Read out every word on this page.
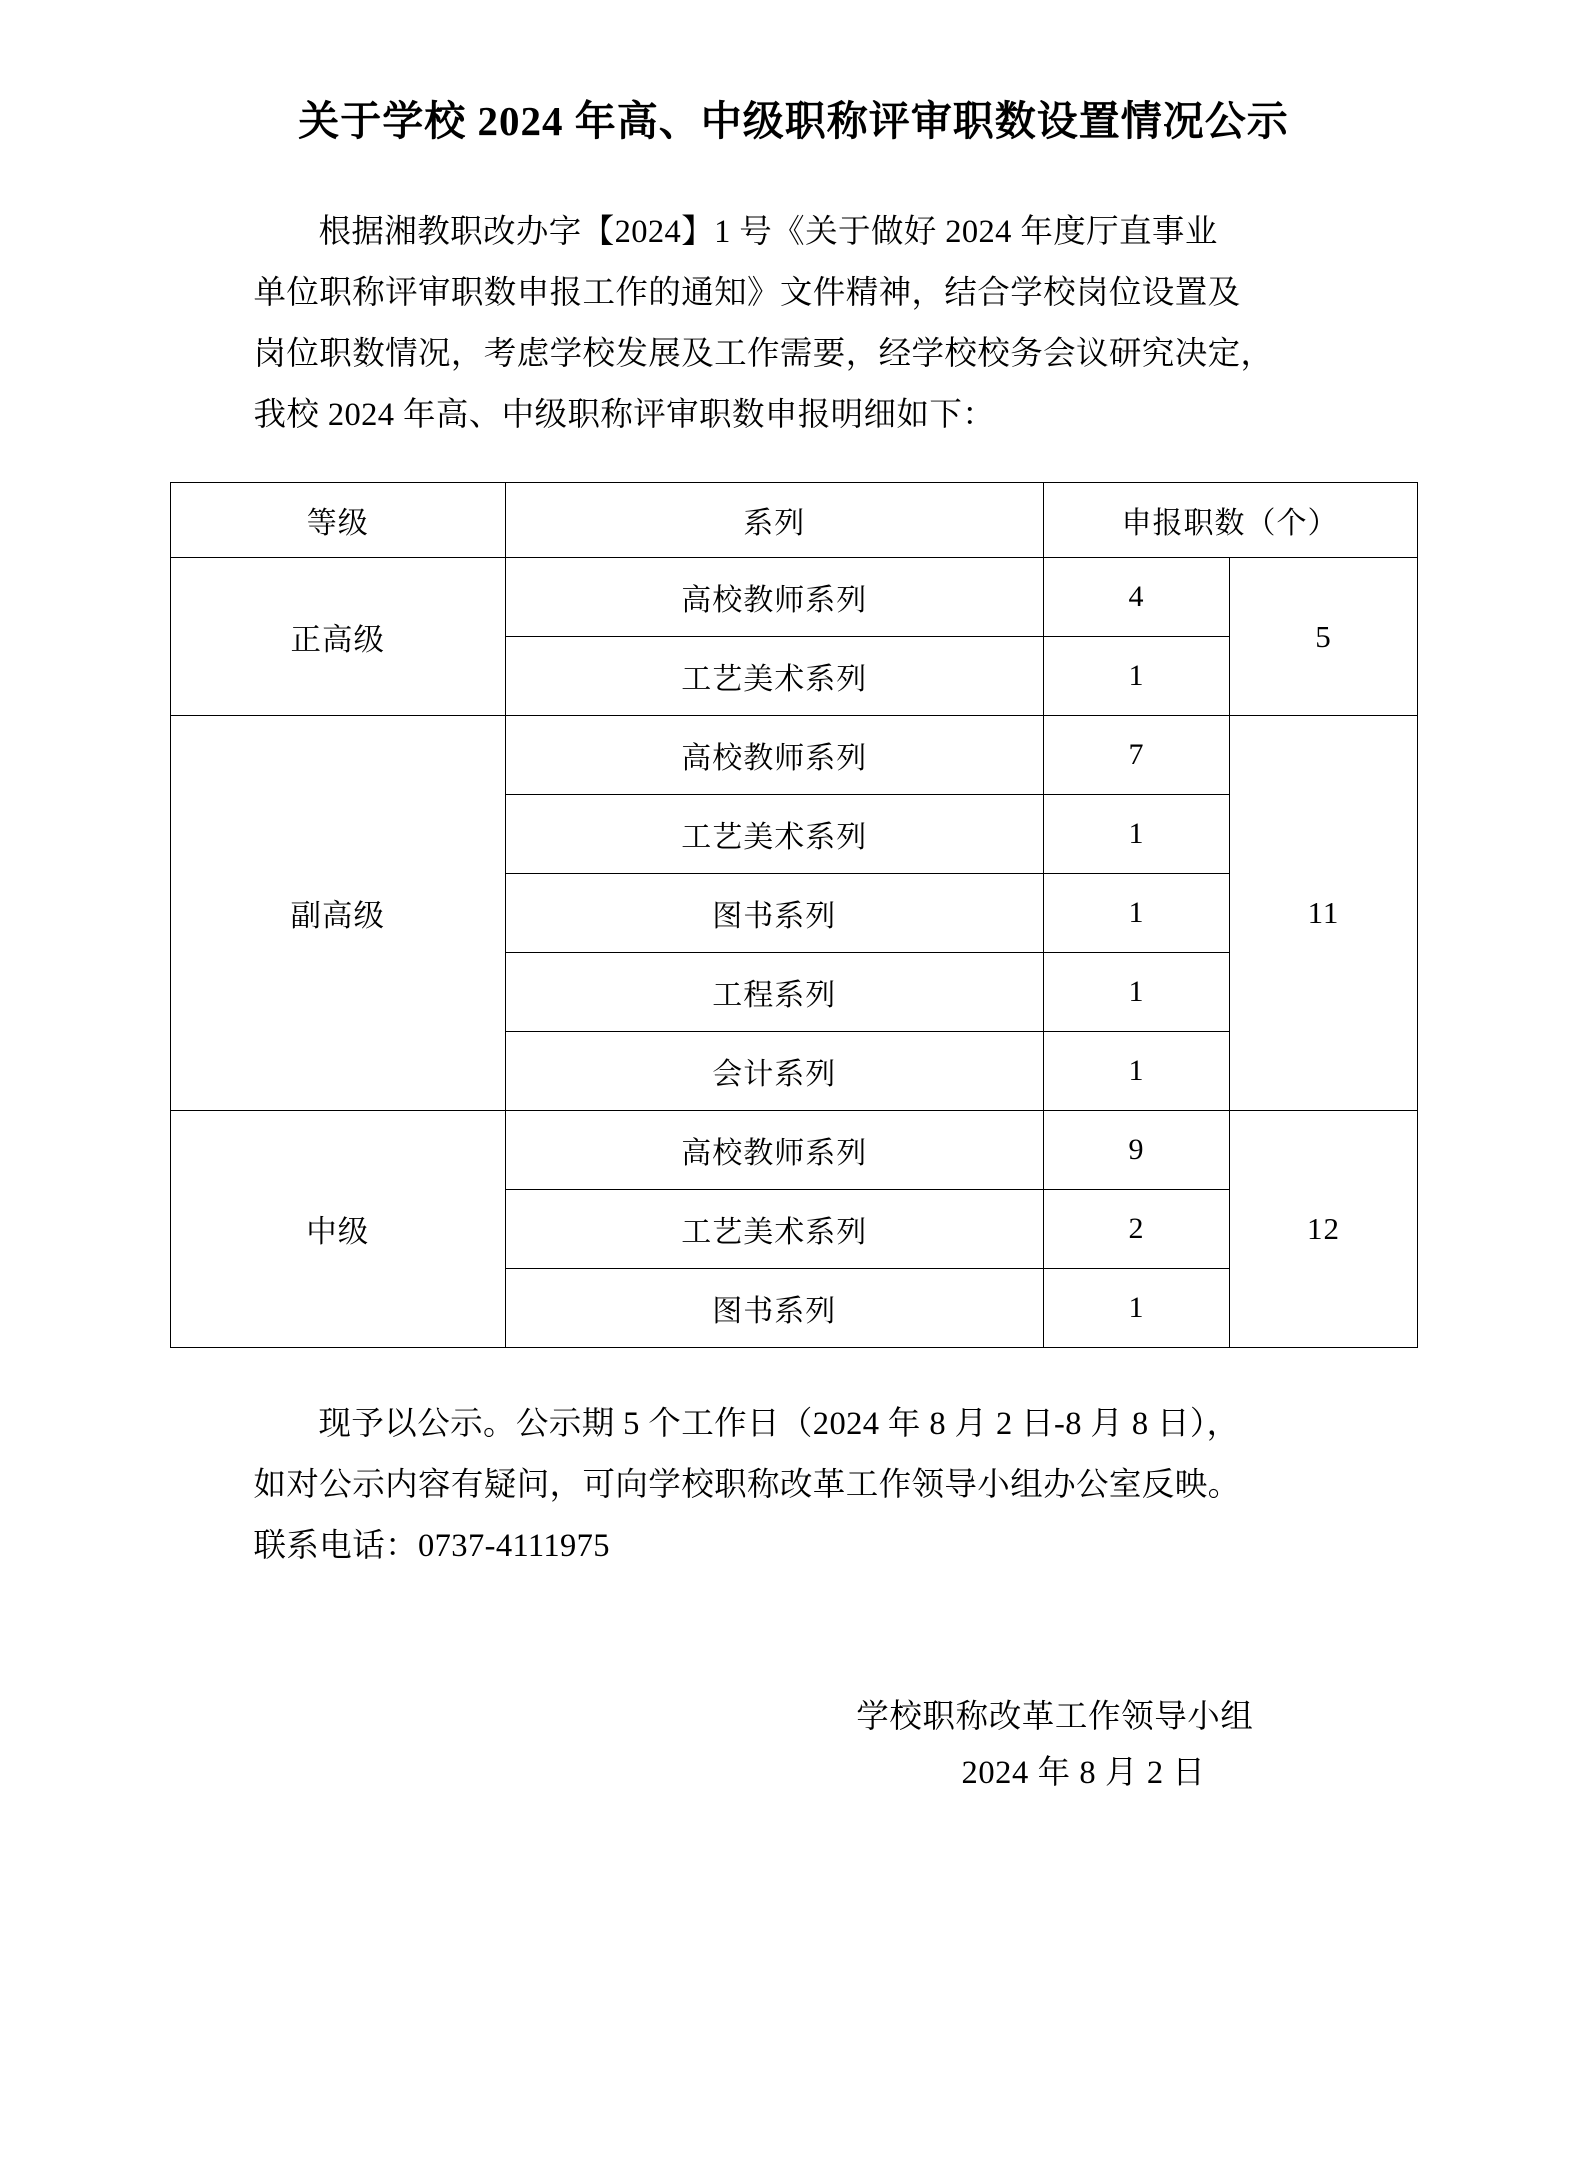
关于学校 2024 年高、中级职称评审职数设置情况公示
根据湘教职改办字【2024】1 号《关于做好 2024 年度厅直事业
单位职称评审职数申报工作的通知》文件精神，结合学校岗位设置及
岗位职数情况，考虑学校发展及工作需要，经学校校务会议研究决定，
我校 2024 年高、中级职称评审职数申报明细如下：
等级	系列	申报职数（个）	
正高级	高校教师系列	4	5
	工艺美术系列	1	
副高级	高校教师系列	7	11
	工艺美术系列	1	
	图书系列	1	
	工程系列	1	
	会计系列	1	
中级	高校教师系列	9	12
	工艺美术系列	2	
	图书系列	1	
现予以公示。公示期 5 个工作日（2024 年 8 月 2 日-8 月 8 日），
如对公示内容有疑问，可向学校职称改革工作领导小组办公室反映。
联系电话：0737-4111975
学校职称改革工作领导小组
2024 年 8 月 2 日
